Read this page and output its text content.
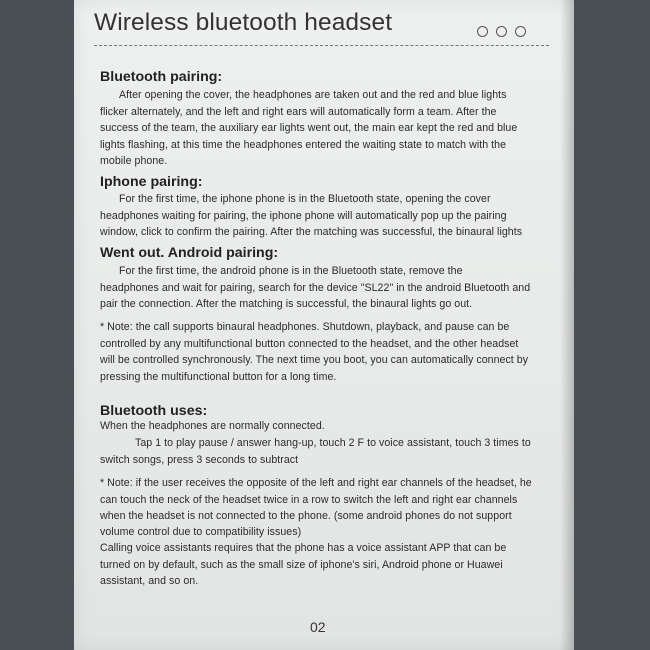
Wireless bluetooth headset
Bluetooth pairing:
After opening the cover, the headphones are taken out and the red and blue lights
flicker alternately, and the left and right ears will automatically form a team. After the
success of the team, the auxiliary ear lights went out, the main ear kept the red and blue
lights flashing, at this time the headphones entered the waiting state to match with the
mobile phone.
Iphone pairing:
For the first time, the iphone phone is in the Bluetooth state, opening the cover
headphones waiting for pairing, the iphone phone will automatically pop up the pairing
window, click to confirm the pairing. After the matching was successful, the binaural lights
Went out. Android pairing:
For the first time, the android phone is in the Bluetooth state, remove the
headphones and wait for pairing, search for the device "SL22" in the android Bluetooth and
pair the connection. After the matching is successful, the binaural lights go out.
* Note: the call supports binaural headphones. Shutdown, playback, and pause can be
controlled by any multifunctional button connected to the headset, and the other headset
will be controlled synchronously. The next time you boot, you can automatically connect by
pressing the multifunctional button for a long time.
Bluetooth uses:
When the headphones are normally connected.
Tap 1 to play pause / answer hang-up, touch 2 F to voice assistant, touch 3 times to
switch songs, press 3 seconds to subtract
* Note: if the user receives the opposite of the left and right ear channels of the headset, he
can touch the neck of the headset twice in a row to switch the left and right ear channels
when the headset is not connected to the phone. (some android phones do not support
volume control due to compatibility issues)
Calling voice assistants requires that the phone has a voice assistant APP that can be
turned on by default, such as the small size of iphone's siri, Android phone or Huawei
assistant, and so on.
02
